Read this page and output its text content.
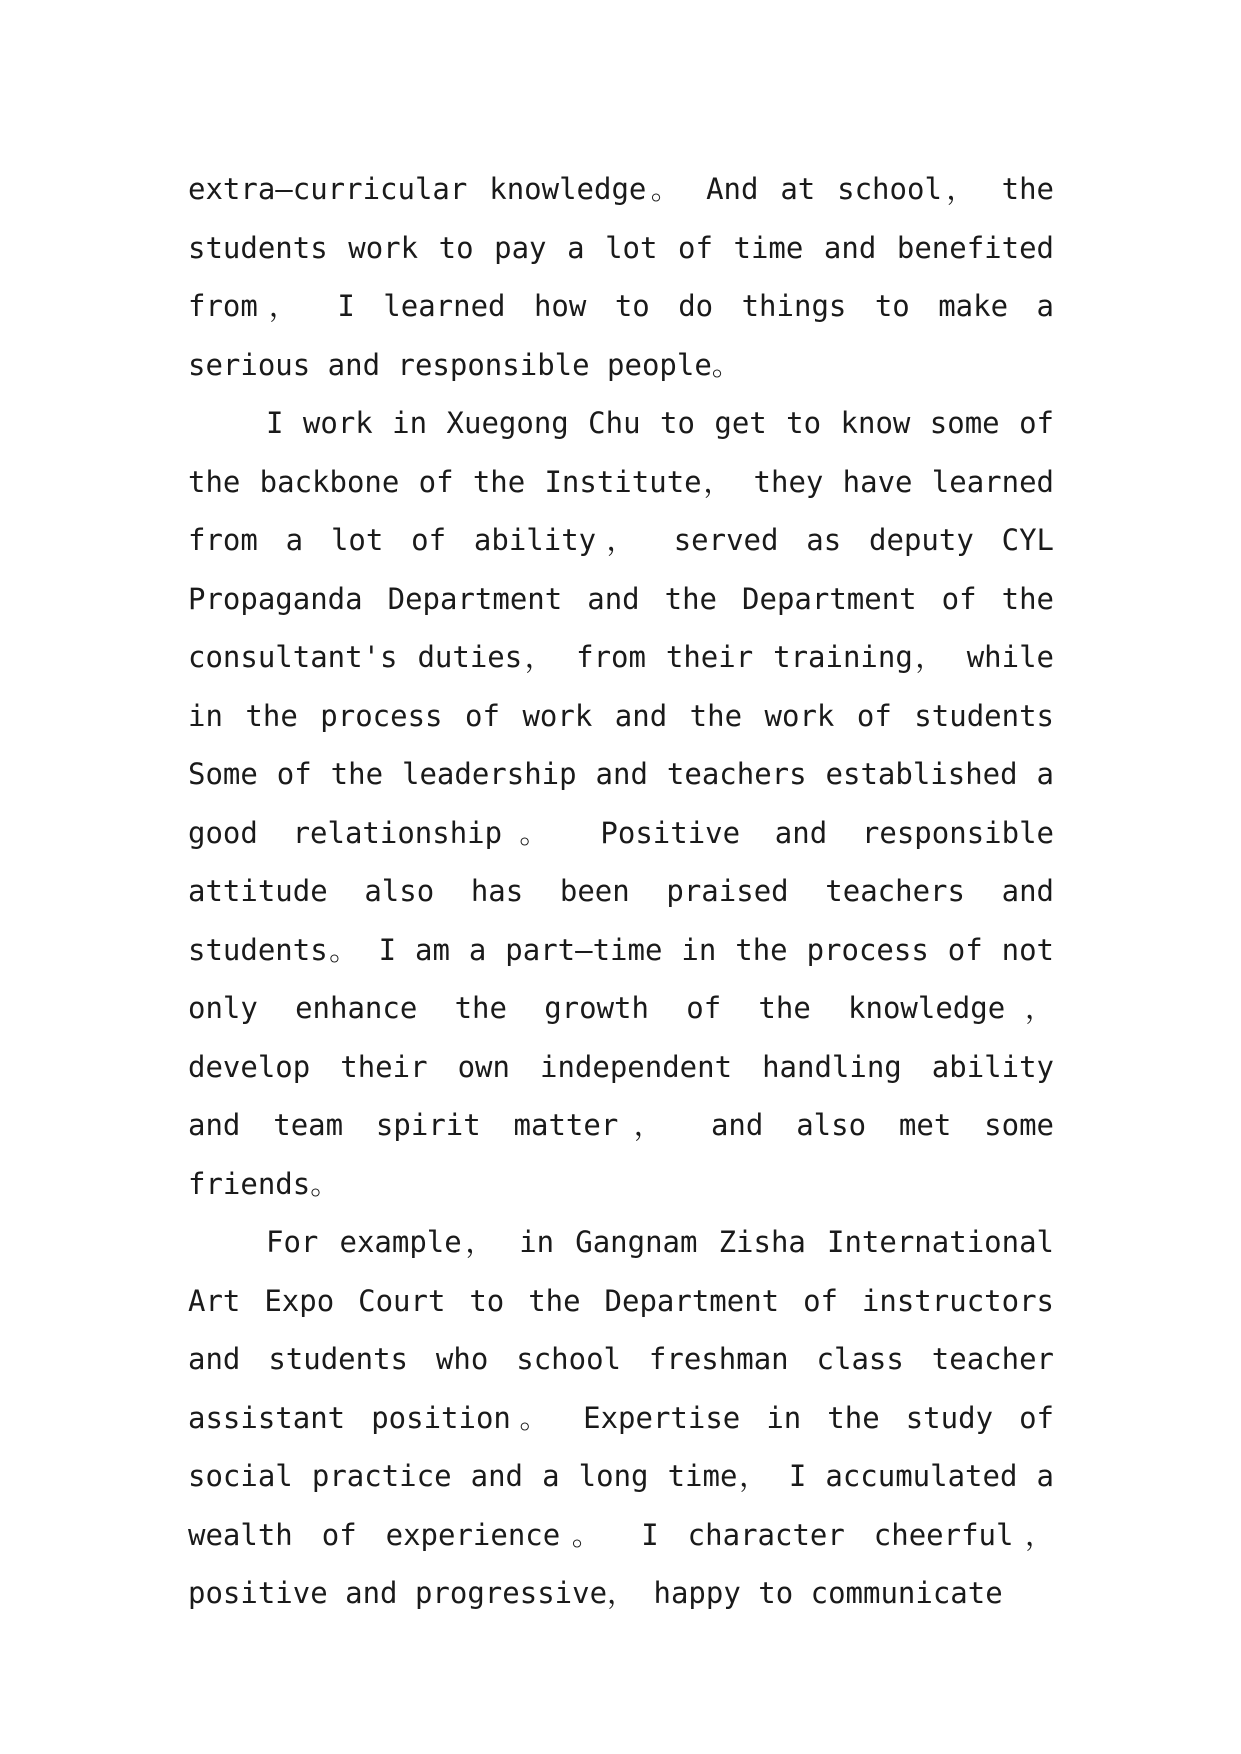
extra—curricular knowledge。 And at school， the students work to pay a lot of time and benefited from， I learned how to do things to make a serious and responsible people。

I work in Xuegong Chu to get to know some of the backbone of the Institute， they have learned from a lot of ability， served as deputy CYL Propaganda Department and the Department of the consultant's duties， from their training， while in the process of work and the work of students Some of the leadership and teachers established a good relationship。 Positive and responsible attitude also has been praised teachers and students。 I am a part—time in the process of not only enhance the growth of the knowledge， develop their own independent handling ability and team spirit matter， and also met some friends。

For example， in Gangnam Zisha International Art Expo Court to the Department of instructors and students who school freshman class teacher assistant position。 Expertise in the study of social practice and a long time， I accumulated a wealth of experience。 I character cheerful， positive and progressive， happy to communicate
